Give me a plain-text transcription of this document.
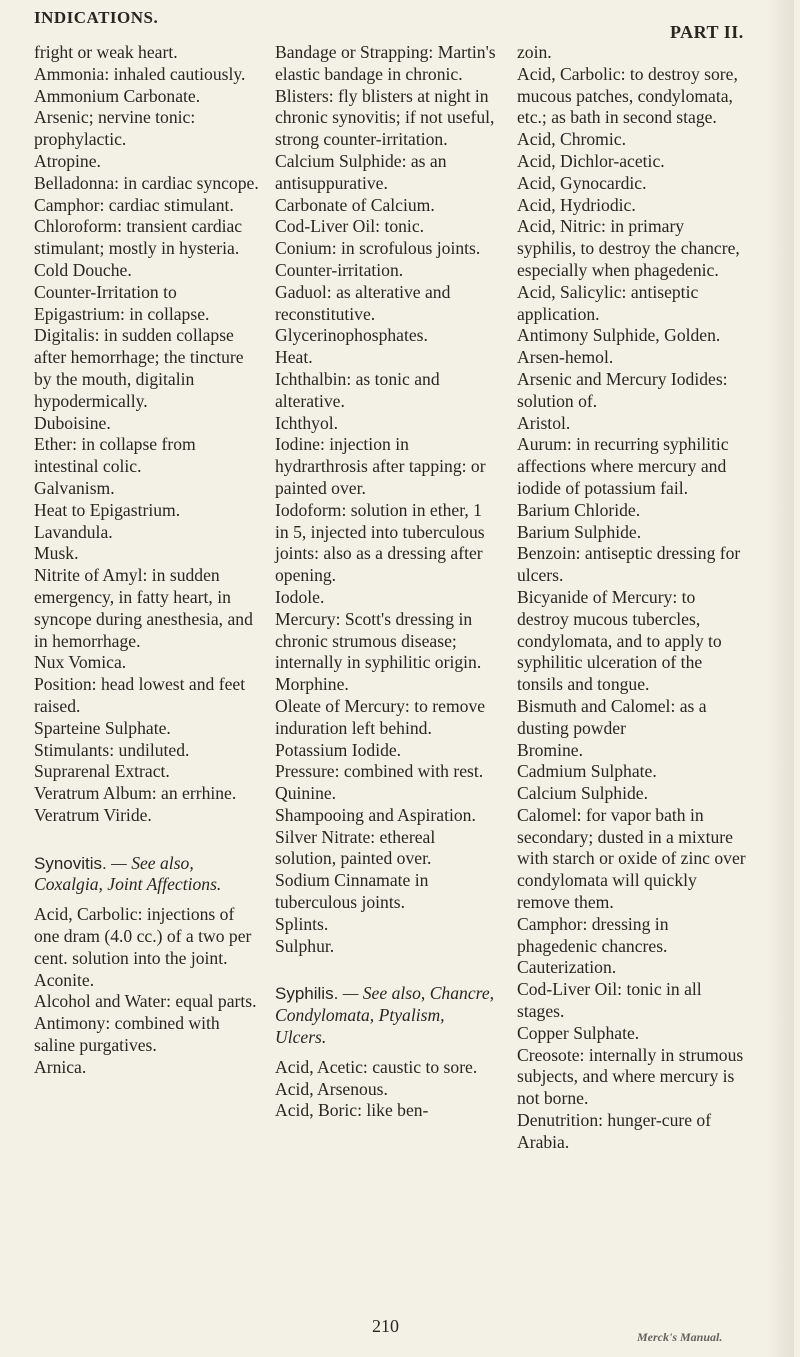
INDICATIONS.
PART II.

fright or weak heart.

Ammonia: inhaled cautiously.

Ammonium Carbonate.

Arsenic; nervine tonic: prophylactic.

Atropine.

Belladonna: in cardiac syncope.

Camphor: cardiac stimulant.

Chloroform: transient cardiac stimulant; mostly in hysteria.

Cold Douche.

Counter-Irritation to Epigastrium: in collapse.

Digitalis: in sudden collapse after hemorrhage; the tincture by the mouth, digitalin hypodermically.

Duboisine.

Ether: in collapse from intestinal colic.

Galvanism.

Heat to Epigastrium.

Lavandula.

Musk.

Nitrite of Amyl: in sudden emergency, in fatty heart, in syncope during anesthesia, and in hemorrhage.

Nux Vomica.

Position: head lowest and feet raised.

Sparteine Sulphate.

Stimulants: undiluted.

Suprarenal Extract.

Veratrum Album: an errhine.

Veratrum Viride.

Synovitis. — See also, Coxalgia, Joint Affections.

Acid, Carbolic: injections of one dram (4.0 cc.) of a two per cent. solution into the joint.

Aconite.

Alcohol and Water: equal parts.

Antimony: combined with saline purgatives.

Arnica.

Bandage or Strapping: Martin's elastic bandage in chronic.

Blisters: fly blisters at night in chronic synovitis; if not useful, strong counter-irritation.

Calcium Sulphide: as an antisuppurative.

Carbonate of Calcium.

Cod-Liver Oil: tonic.

Conium: in scrofulous joints.

Counter-irritation.

Gaduol: as alterative and reconstitutive.

Glycerinophosphates.

Heat.

Ichthalbin: as tonic and alterative.

Ichthyol.

Iodine: injection in hydrarthrosis after tapping: or painted over.

Iodoform: solution in ether, 1 in 5, injected into tuberculous joints: also as a dressing after opening.

Iodole.

Mercury: Scott's dressing in chronic strumous disease; internally in syphilitic origin.

Morphine.

Oleate of Mercury: to remove induration left behind.

Potassium Iodide.

Pressure: combined with rest.

Quinine.

Shampooing and Aspiration.

Silver Nitrate: ethereal solution, painted over.

Sodium Cinnamate in tuberculous joints.

Splints.

Sulphur.

Syphilis. — See also, Chancre, Condylomata, Ptyalism, Ulcers.

Acid, Acetic: caustic to sore.

Acid, Arsenous.

Acid, Boric: like ben-

zoin.

Acid, Carbolic: to destroy sore, mucous patches, condylomata, etc.; as bath in second stage.

Acid, Chromic.

Acid, Dichlor-acetic.

Acid, Gynocardic.

Acid, Hydriodic.

Acid, Nitric: in primary syphilis, to destroy the chancre, especially when phagedenic.

Acid, Salicylic: antiseptic application.

Antimony Sulphide, Golden.

Arsen-hemol.

Arsenic and Mercury Iodides: solution of.

Aristol.

Aurum: in recurring syphilitic affections where mercury and iodide of potassium fail.

Barium Chloride.

Barium Sulphide.

Benzoin: antiseptic dressing for ulcers.

Bicyanide of Mercury: to destroy mucous tubercles, condylomata, and to apply to syphilitic ulceration of the tonsils and tongue.

Bismuth and Calomel: as a dusting powder

Bromine.

Cadmium Sulphate.

Calcium Sulphide.

Calomel: for vapor bath in secondary; dusted in a mixture with starch or oxide of zinc over condylomata will quickly remove them.

Camphor: dressing in phagedenic chancres.

Cauterization.

Cod-Liver Oil: tonic in all stages.

Copper Sulphate.

Creosote: internally in strumous subjects, and where mercury is not borne.

Denutrition: hunger-cure of Arabia.

210
Merck's Manual.
